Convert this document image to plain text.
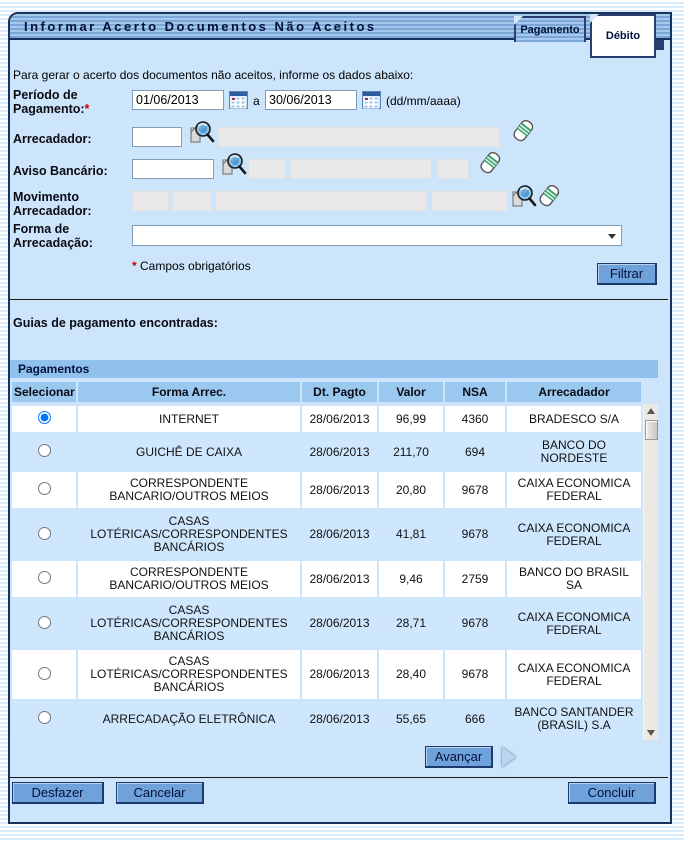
Informar Acerto Documentos Não Aceitos	Pagamento	Débito
Para gerar o acerto dos documentos não aceitos, informe os dados abaixo:
Período de Pagamento:*
01/06/2013
a
30/06/2013	(dd/mm/aaaa)
Arrecadador:
Aviso Bancário:
Movimento Arrecadador:
Forma de Arrecadação:
* Campos obrigatórios	Filtrar
Guias de pagamento encontradas:
Pagamentos
Selecionar	Forma Arrec.	Dt. Pagto	Valor	NSA	Arrecadador
	INTERNET	28/06/2013	96,99	4360	BRADESCO S/⁠A
	GUICHÊ DE CAIXA	28/06/2013	211,70	694	BANCO DO NORDESTE
	CORRESPONDENTE BANCARIO/⁠OUTROS MEIOS	28/06/2013	20,80	9678	CAIXA ECONOMICA FEDERAL
	CASAS LOTÉRICAS/⁠CORRESPONDENTES BANCÁRIOS	28/06/2013	41,81	9678	CAIXA ECONOMICA FEDERAL
	CORRESPONDENTE BANCARIO/⁠OUTROS MEIOS	28/06/2013	9,46	2759	BANCO DO BRASIL SA
	CASAS LOTÉRICAS/⁠CORRESPONDENTES BANCÁRIOS	28/06/2013	28,71	9678	CAIXA ECONOMICA FEDERAL
	CASAS LOTÉRICAS/⁠CORRESPONDENTES BANCÁRIOS	28/06/2013	28,40	9678	CAIXA ECONOMICA FEDERAL
	ARRECADAÇÃO ELETRÔNICA	28/06/2013	55,65	666	BANCO SANTANDER (BRASIL) S.A
Avançar
Desfazer	Cancelar	Concluir
